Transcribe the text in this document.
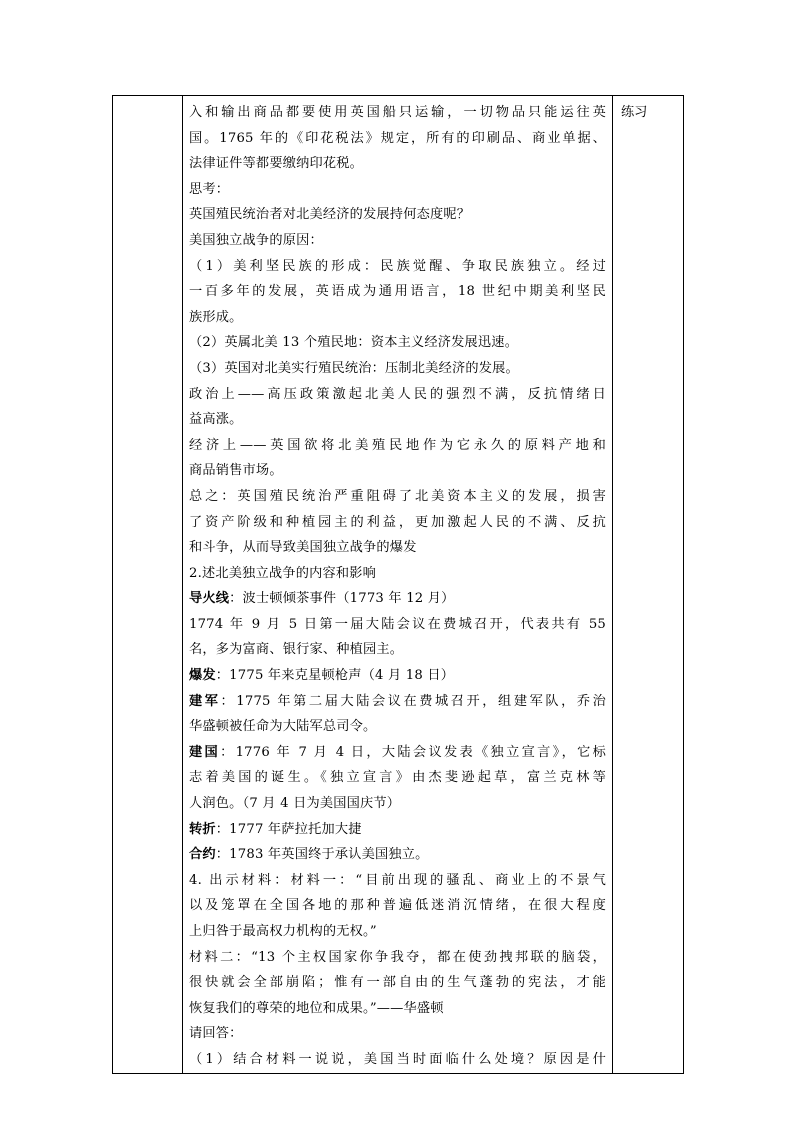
入和输出商品都要使用英国船只运输，一切物品只能运往英

国。1765 年的《印花税法》规定，所有的印刷品、商业单据、

法律证件等都要缴纳印花税。

思考：

英国殖民统治者对北美经济的发展持何态度呢？

美国独立战争的原因：

（1）美利坚民族的形成：民族觉醒、争取民族独立。经过

一百多年的发展，英语成为通用语言，18 世纪中期美利坚民

族形成。

（2）英属北美 13 个殖民地：资本主义经济发展迅速。

（3）英国对北美实行殖民统治：压制北美经济的发展。

政治上——高压政策激起北美人民的强烈不满，反抗情绪日

益高涨。

经济上——英国欲将北美殖民地作为它永久的原料产地和

商品销售市场。

总之：英国殖民统治严重阻碍了北美资本主义的发展，损害

了资产阶级和种植园主的利益，更加激起人民的不满、反抗

和斗争，从而导致美国独立战争的爆发

2.述北美独立战争的内容和影响

导火线：波士顿倾茶事件（1773 年 12 月）

1774 年 9 月 5 日第一届大陆会议在费城召开，代表共有 55

名，多为富商、银行家、种植园主。

爆发：1775 年来克星顿枪声（4 月 18 日）

建军：1775 年第二届大陆会议在费城召开，组建军队，乔治

华盛顿被任命为大陆军总司令。

建国：1776 年 7 月 4 日，大陆会议发表《独立宣言》，它标

志着美国的诞生。《独立宣言》由杰斐逊起草，富兰克林等

人润色。（7 月 4 日为美国国庆节）

转折：1777 年萨拉托加大捷

合约：1783 年英国终于承认美国独立。

4. 出示材料：材料一：“目前出现的骚乱、商业上的不景气

以及笼罩在全国各地的那种普遍低迷消沉情绪，在很大程度

上归咎于最高权力机构的无权。”

材料二：“13 个主权国家你争我夺，都在使劲拽邦联的脑袋，

很快就会全部崩陷；惟有一部自由的生气蓬勃的宪法，才能

恢复我们的尊荣的地位和成果。”——华盛顿

请回答：

（1）结合材料一说说，美国当时面临什么处境？原因是什

练习
